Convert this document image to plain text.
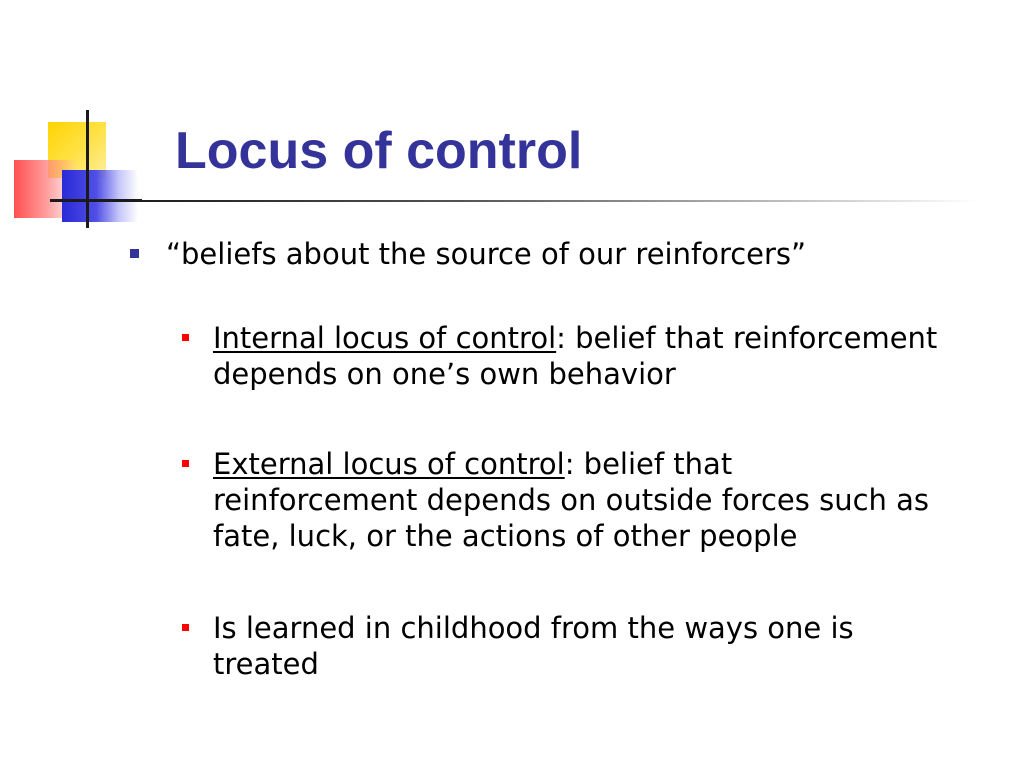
Locus of control
“beliefs about the source of our reinforcers”
Internal locus of control: belief that reinforcement depends on one’s own behavior
External locus of control: belief that reinforcement depends on outside forces such as fate, luck, or the actions of other people
Is learned in childhood from the ways one is treated
